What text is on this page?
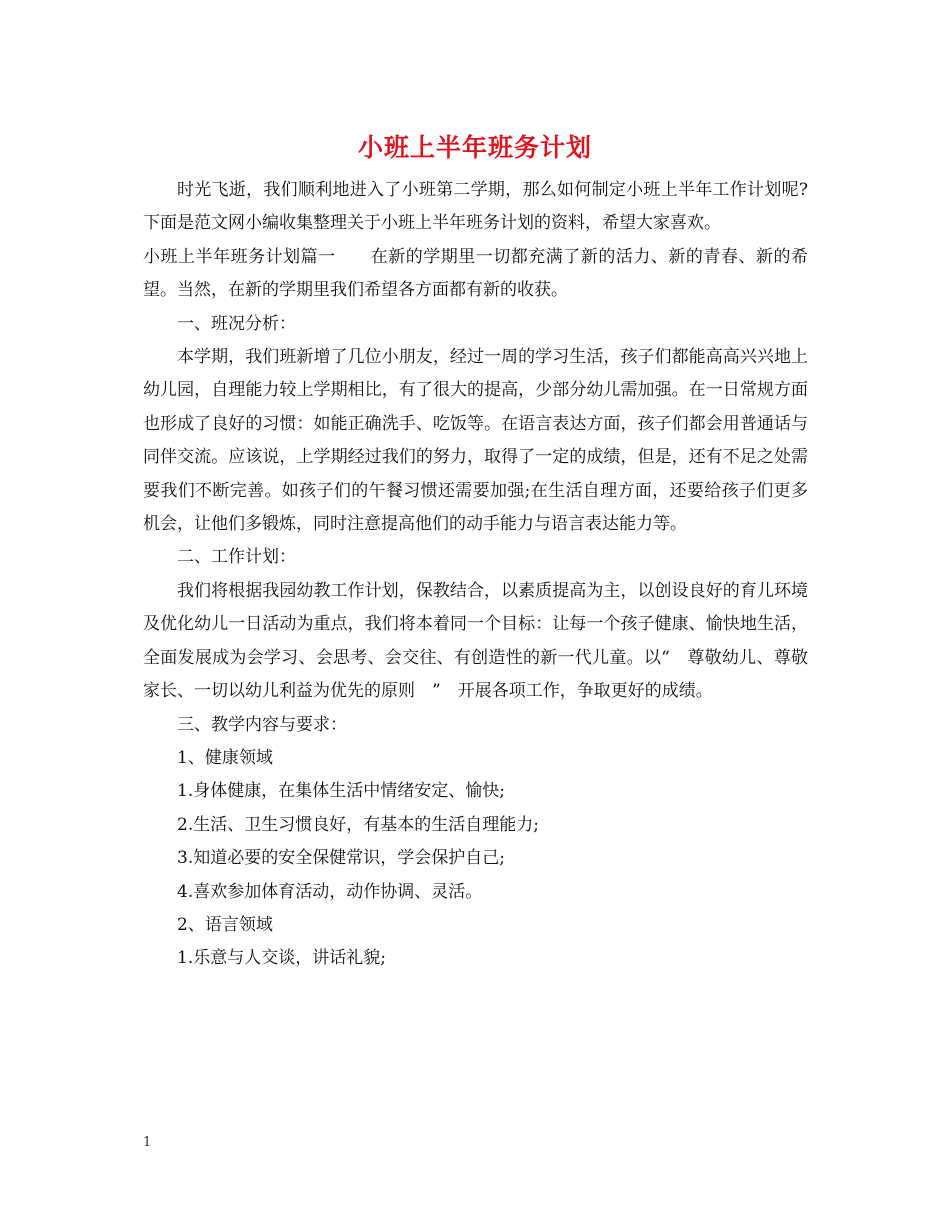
小班上半年班务计划

时光飞逝，我们顺利地进入了小班第二学期，那么如何制定小班上半年工作计划呢?下面是范文网小编收集整理关于小班上半年班务计划的资料，希望大家喜欢。

小班上半年班务计划篇一　　在新的学期里一切都充满了新的活力、新的青春、新的希望。当然，在新的学期里我们希望各方面都有新的收获。

一、班况分析：

本学期，我们班新增了几位小朋友，经过一周的学习生活，孩子们都能高高兴兴地上幼儿园，自理能力较上学期相比，有了很大的提高，少部分幼儿需加强。在一日常规方面也形成了良好的习惯：如能正确洗手、吃饭等。在语言表达方面，孩子们都会用普通话与同伴交流。应该说，上学期经过我们的努力，取得了一定的成绩，但是，还有不足之处需要我们不断完善。如孩子们的午餐习惯还需要加强;在生活自理方面，还要给孩子们更多机会，让他们多锻炼，同时注意提高他们的动手能力与语言表达能力等。

二、工作计划：

我们将根据我园幼教工作计划，保教结合，以素质提高为主，以创设良好的育儿环境及优化幼儿一日活动为重点，我们将本着同一个目标：让每一个孩子健康、愉快地生活，全面发展成为会学习、会思考、会交往、有创造性的新一代儿童。以“　尊敬幼儿、尊敬家长、一切以幼儿利益为优先的原则　”　开展各项工作，争取更好的成绩。

三、教学内容与要求：

1、健康领域

1.身体健康，在集体生活中情绪安定、愉快;

2.生活、卫生习惯良好，有基本的生活自理能力;

3.知道必要的安全保健常识，学会保护自己;

4.喜欢参加体育活动，动作协调、灵活。

2、语言领域

1.乐意与人交谈，讲话礼貌;

1
